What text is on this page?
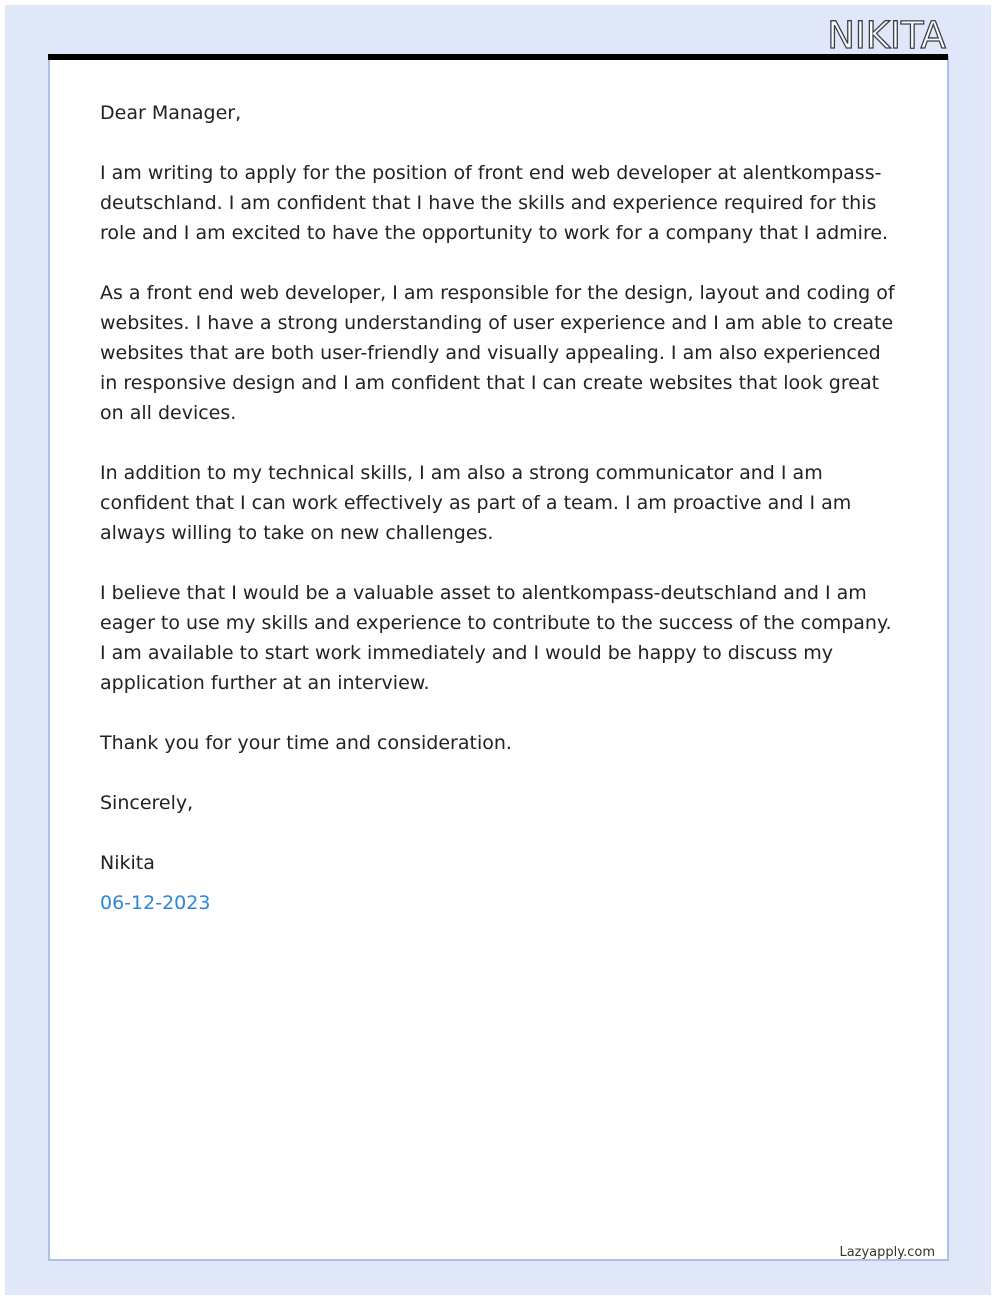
NIKITA

Dear Manager,

I am writing to apply for the position of front end web developer at alentkompass-deutschland. I am confident that I have the skills and experience required for this role and I am excited to have the opportunity to work for a company that I admire.

As a front end web developer, I am responsible for the design, layout and coding of websites. I have a strong understanding of user experience and I am able to create websites that are both user-friendly and visually appealing. I am also experienced in responsive design and I am confident that I can create websites that look great on all devices.

In addition to my technical skills, I am also a strong communicator and I am confident that I can work effectively as part of a team. I am proactive and I am always willing to take on new challenges.

I believe that I would be a valuable asset to alentkompass-deutschland and I am eager to use my skills and experience to contribute to the success of the company. I am available to start work immediately and I would be happy to discuss my application further at an interview.

Thank you for your time and consideration.

Sincerely,

Nikita

06-12-2023

Lazyapply.com
